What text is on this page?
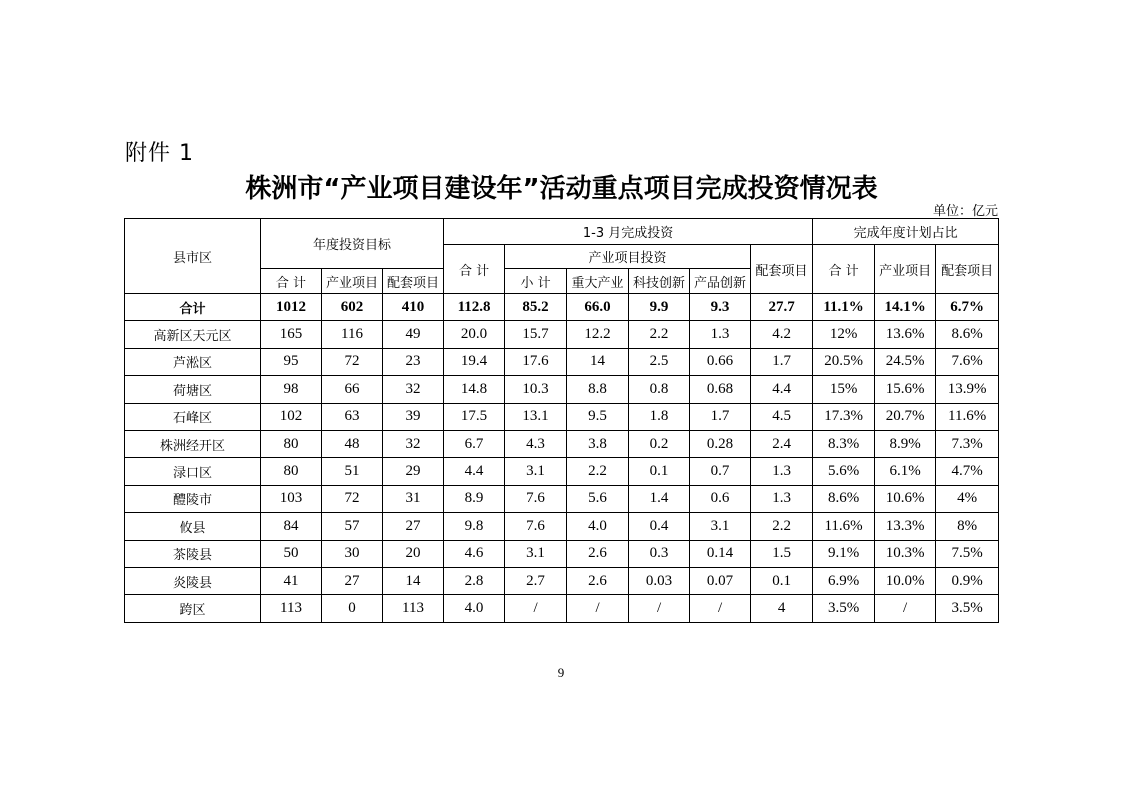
附件 1
株洲市“产业项目建设年”活动重点项目完成投资情况表
单位：亿元
县市区	年度投资目标			1-3 月完成投资						完成年度计划占比		
				合 计	产业项目投资				配套项目	合 计	产业项目	配套项目
	合 计	产业项目	配套项目		小 计	重大产业	科技创新	产品创新				
合计	1012	602	410	112.8	85.2	66.0	9.9	9.3	27.7	11.1%	14.1%	6.7%
高新区天元区	165	116	49	20.0	15.7	12.2	2.2	1.3	4.2	12%	13.6%	8.6%
芦淞区	95	72	23	19.4	17.6	14	2.5	0.66	1.7	20.5%	24.5%	7.6%
荷塘区	98	66	32	14.8	10.3	8.8	0.8	0.68	4.4	15%	15.6%	13.9%
石峰区	102	63	39	17.5	13.1	9.5	1.8	1.7	4.5	17.3%	20.7%	11.6%
株洲经开区	80	48	32	6.7	4.3	3.8	0.2	0.28	2.4	8.3%	8.9%	7.3%
渌口区	80	51	29	4.4	3.1	2.2	0.1	0.7	1.3	5.6%	6.1%	4.7%
醴陵市	103	72	31	8.9	7.6	5.6	1.4	0.6	1.3	8.6%	10.6%	4%
攸县	84	57	27	9.8	7.6	4.0	0.4	3.1	2.2	11.6%	13.3%	8%
茶陵县	50	30	20	4.6	3.1	2.6	0.3	0.14	1.5	9.1%	10.3%	7.5%
炎陵县	41	27	14	2.8	2.7	2.6	0.03	0.07	0.1	6.9%	10.0%	0.9%
跨区	113	0	113	4.0	/	/	/	/	4	3.5%	/	3.5%
9
